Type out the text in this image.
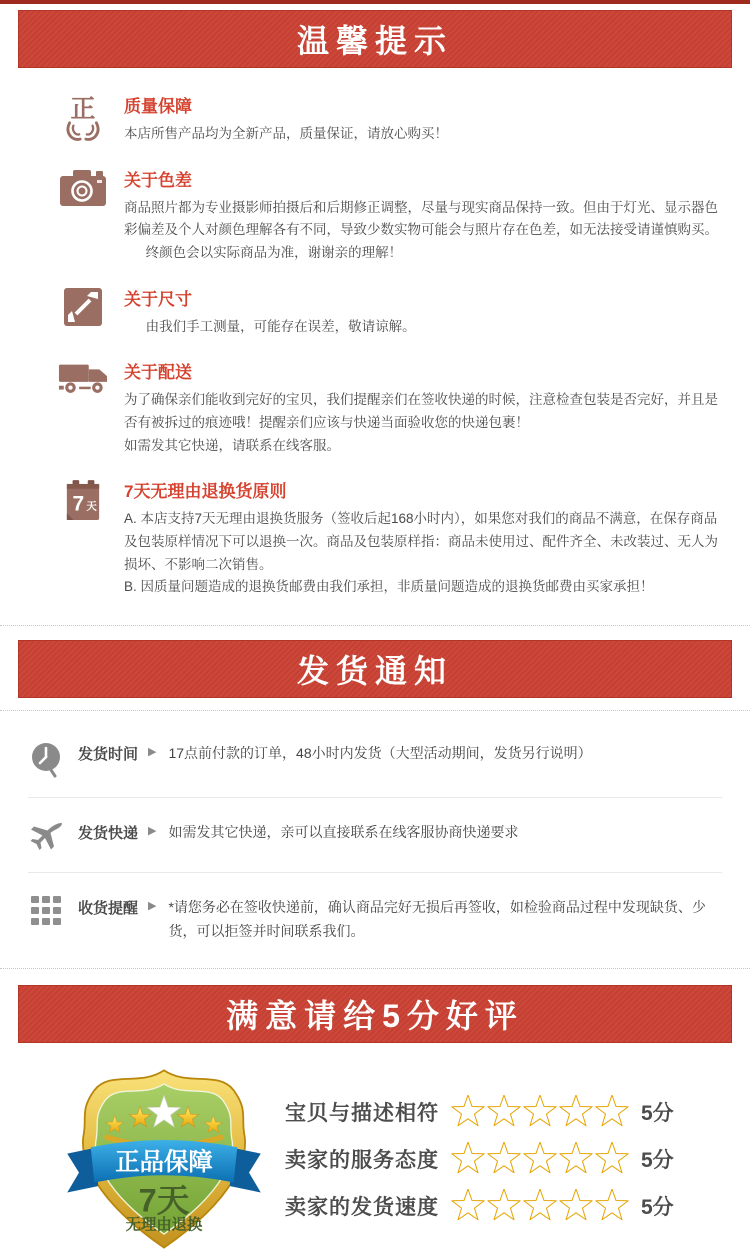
温馨提示
正 质量保障
本店所售产品均为全新产品，质量保证，请放心购买！
关于色差
商品照片都为专业摄影师拍摄后和后期修正调整，尽量与现实商品保持一致。但由于灯光、显示器色彩偏差及个人对颜色理解各有不同，导致少数实物可能会与照片存在色差，如无法接受请谨慎购买。
终颜色会以实际商品为准，谢谢亲的理解！
关于尺寸
由我们手工测量，可能存在误差，敬请谅解。
关于配送
为了确保亲们能收到完好的宝贝，我们提醒亲们在签收快递的时候，注意检查包装是否完好，并且是否有被拆过的痕迹哦！提醒亲们应该与快递当面验收您的快递包裹！
如需发其它快递，请联系在线客服。
7 天
7天无理由退换货原则
A. 本店支持7天无理由退换货服务（签收后起168小时内），如果您对我们的商品不满意，在保存商品及包装原样情况下可以退换一次。商品及包装原样指：商品未使用过、配件齐全、未改装过、无人为损坏、不影响二次销售。
B. 因质量问题造成的退换货邮费由我们承担，非质量问题造成的退换货邮费由买家承担！
发货通知
发货时间 ▶ 17点前付款的订单，48小时内发货（大型活动期间，发货另行说明）
发货快递 ▶ 如需发其它快递，亲可以直接联系在线客服协商快递要求
收货提醒 ▶ *请您务必在签收快递前，确认商品完好无损后再签收，如检验商品过程中发现缺货、少货，可以拒签并时间联系我们。
满意请给5分好评
正品保障
7天
无理由退换
宝贝与描述相符	5分
卖家的服务态度	5分
卖家的发货速度	5分
